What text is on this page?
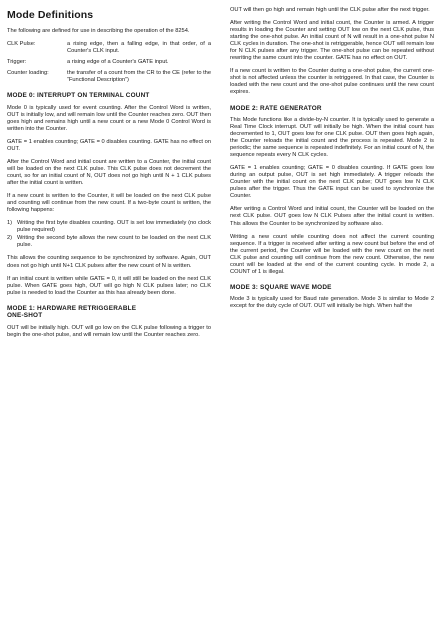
Mode Definitions

The following are defined for use in describing the operation of the 8254.

CLK Pulse:	a rising edge, then a falling edge, in that order, of a Counter's CLK input.
Trigger:	a rising edge of a Counter's GATE input.
Counter loading:	the transfer of a count from the CR to the CE (refer to the “Functional Description”)
MODE 0: INTERRUPT ON TERMINAL COUNT

Mode 0 is typically used for event counting. After the Control Word is written, OUT is initially low, and will remain low until the Counter reaches zero. OUT then goes high and remains high until a new count or a new Mode 0 Control Word is written into the Counter.

GATE = 1 enables counting; GATE = 0 disables counting. GATE has no effect on OUT.

After the Control Word and initial count are written to a Counter, the initial count will be loaded on the next CLK pulse. This CLK pulse does not decrement the count, so for an initial count of N, OUT does not go high until N + 1 CLK pulses after the initial count is written.

If a new count is written to the Counter, it will be loaded on the next CLK pulse and counting will continue from the new count. If a two-byte count is written, the following happens:

1) Writing the first byte disables counting. OUT is set low immediately (no clock pulse required)
2) Writing the second byte allows the new count to be loaded on the next CLK pulse.

This allows the counting sequence to be synchronized by software. Again, OUT does not go high until N+1 CLK pulses after the new count of N is written.

If an initial count is written while GATE = 0, it will still be loaded on the next CLK pulse. When GATE goes high, OUT will go high N CLK pulses later; no CLK pulse is needed to load the Counter as this has already been done.

MODE 1: HARDWARE RETRIGGERABLE
ONE-SHOT

OUT will be initially high. OUT will go low on the CLK pulse following a trigger to begin the one-shot pulse, and will remain low until the Counter reaches zero.

OUT will then go high and remain high until the CLK pulse after the next trigger.

After writing the Control Word and initial count, the Counter is armed. A trigger results in loading the Counter and setting OUT low on the next CLK pulse, thus starting the one-shot pulse. An initial count of N will result in a one-shot pulse N CLK cycles in duration. The one-shot is retriggerable, hence OUT will remain low for N CLK pulses after any trigger. The one-shot pulse can be repeated without rewriting the same count into the counter. GATE has no effect on OUT.

If a new count is written to the Counter during a one-shot pulse, the current one-shot is not affected unless the counter is retriggered. In that case, the Counter is loaded with the new count and the one-shot pulse continues until the new count expires.

MODE 2: RATE GENERATOR

This Mode functions like a divide-by-N counter. It is typically used to generate a Real Time Clock interrupt. OUT will initially be high. When the initial count has decremented to 1, OUT goes low for one CLK pulse. OUT then goes high again, the Counter reloads the initial count and the process is repeated. Mode 2 is periodic; the same sequence is repeated indefinitely. For an initial count of N, the sequence repeats every N CLK cycles.

GATE = 1 enables counting; GATE = 0 disables counting. If GATE goes low during an output pulse, OUT is set high immediately. A trigger reloads the Counter with the initial count on the next CLK pulse; OUT goes low N CLK pulses after the trigger. Thus the GATE input can be used to synchronize the Counter.

After writing a Control Word and initial count, the Counter will be loaded on the next CLK pulse. OUT goes low N CLK Pulses after the initial count is written. This allows the Counter to be synchronized by software also.

Writing a new count while counting does not affect the current counting sequence. If a trigger is received after writing a new count but before the end of the current period, the Counter will be loaded with the new count on the next CLK pulse and counting will continue from the new count. Otherwise, the new count will be loaded at the end of the current counting cycle. In mode 2, a COUNT of 1 is illegal.

MODE 3: SQUARE WAVE MODE

Mode 3 is typically used for Baud rate generation. Mode 3 is similar to Mode 2 except for the duty cycle of OUT. OUT will initially be high. When half the
